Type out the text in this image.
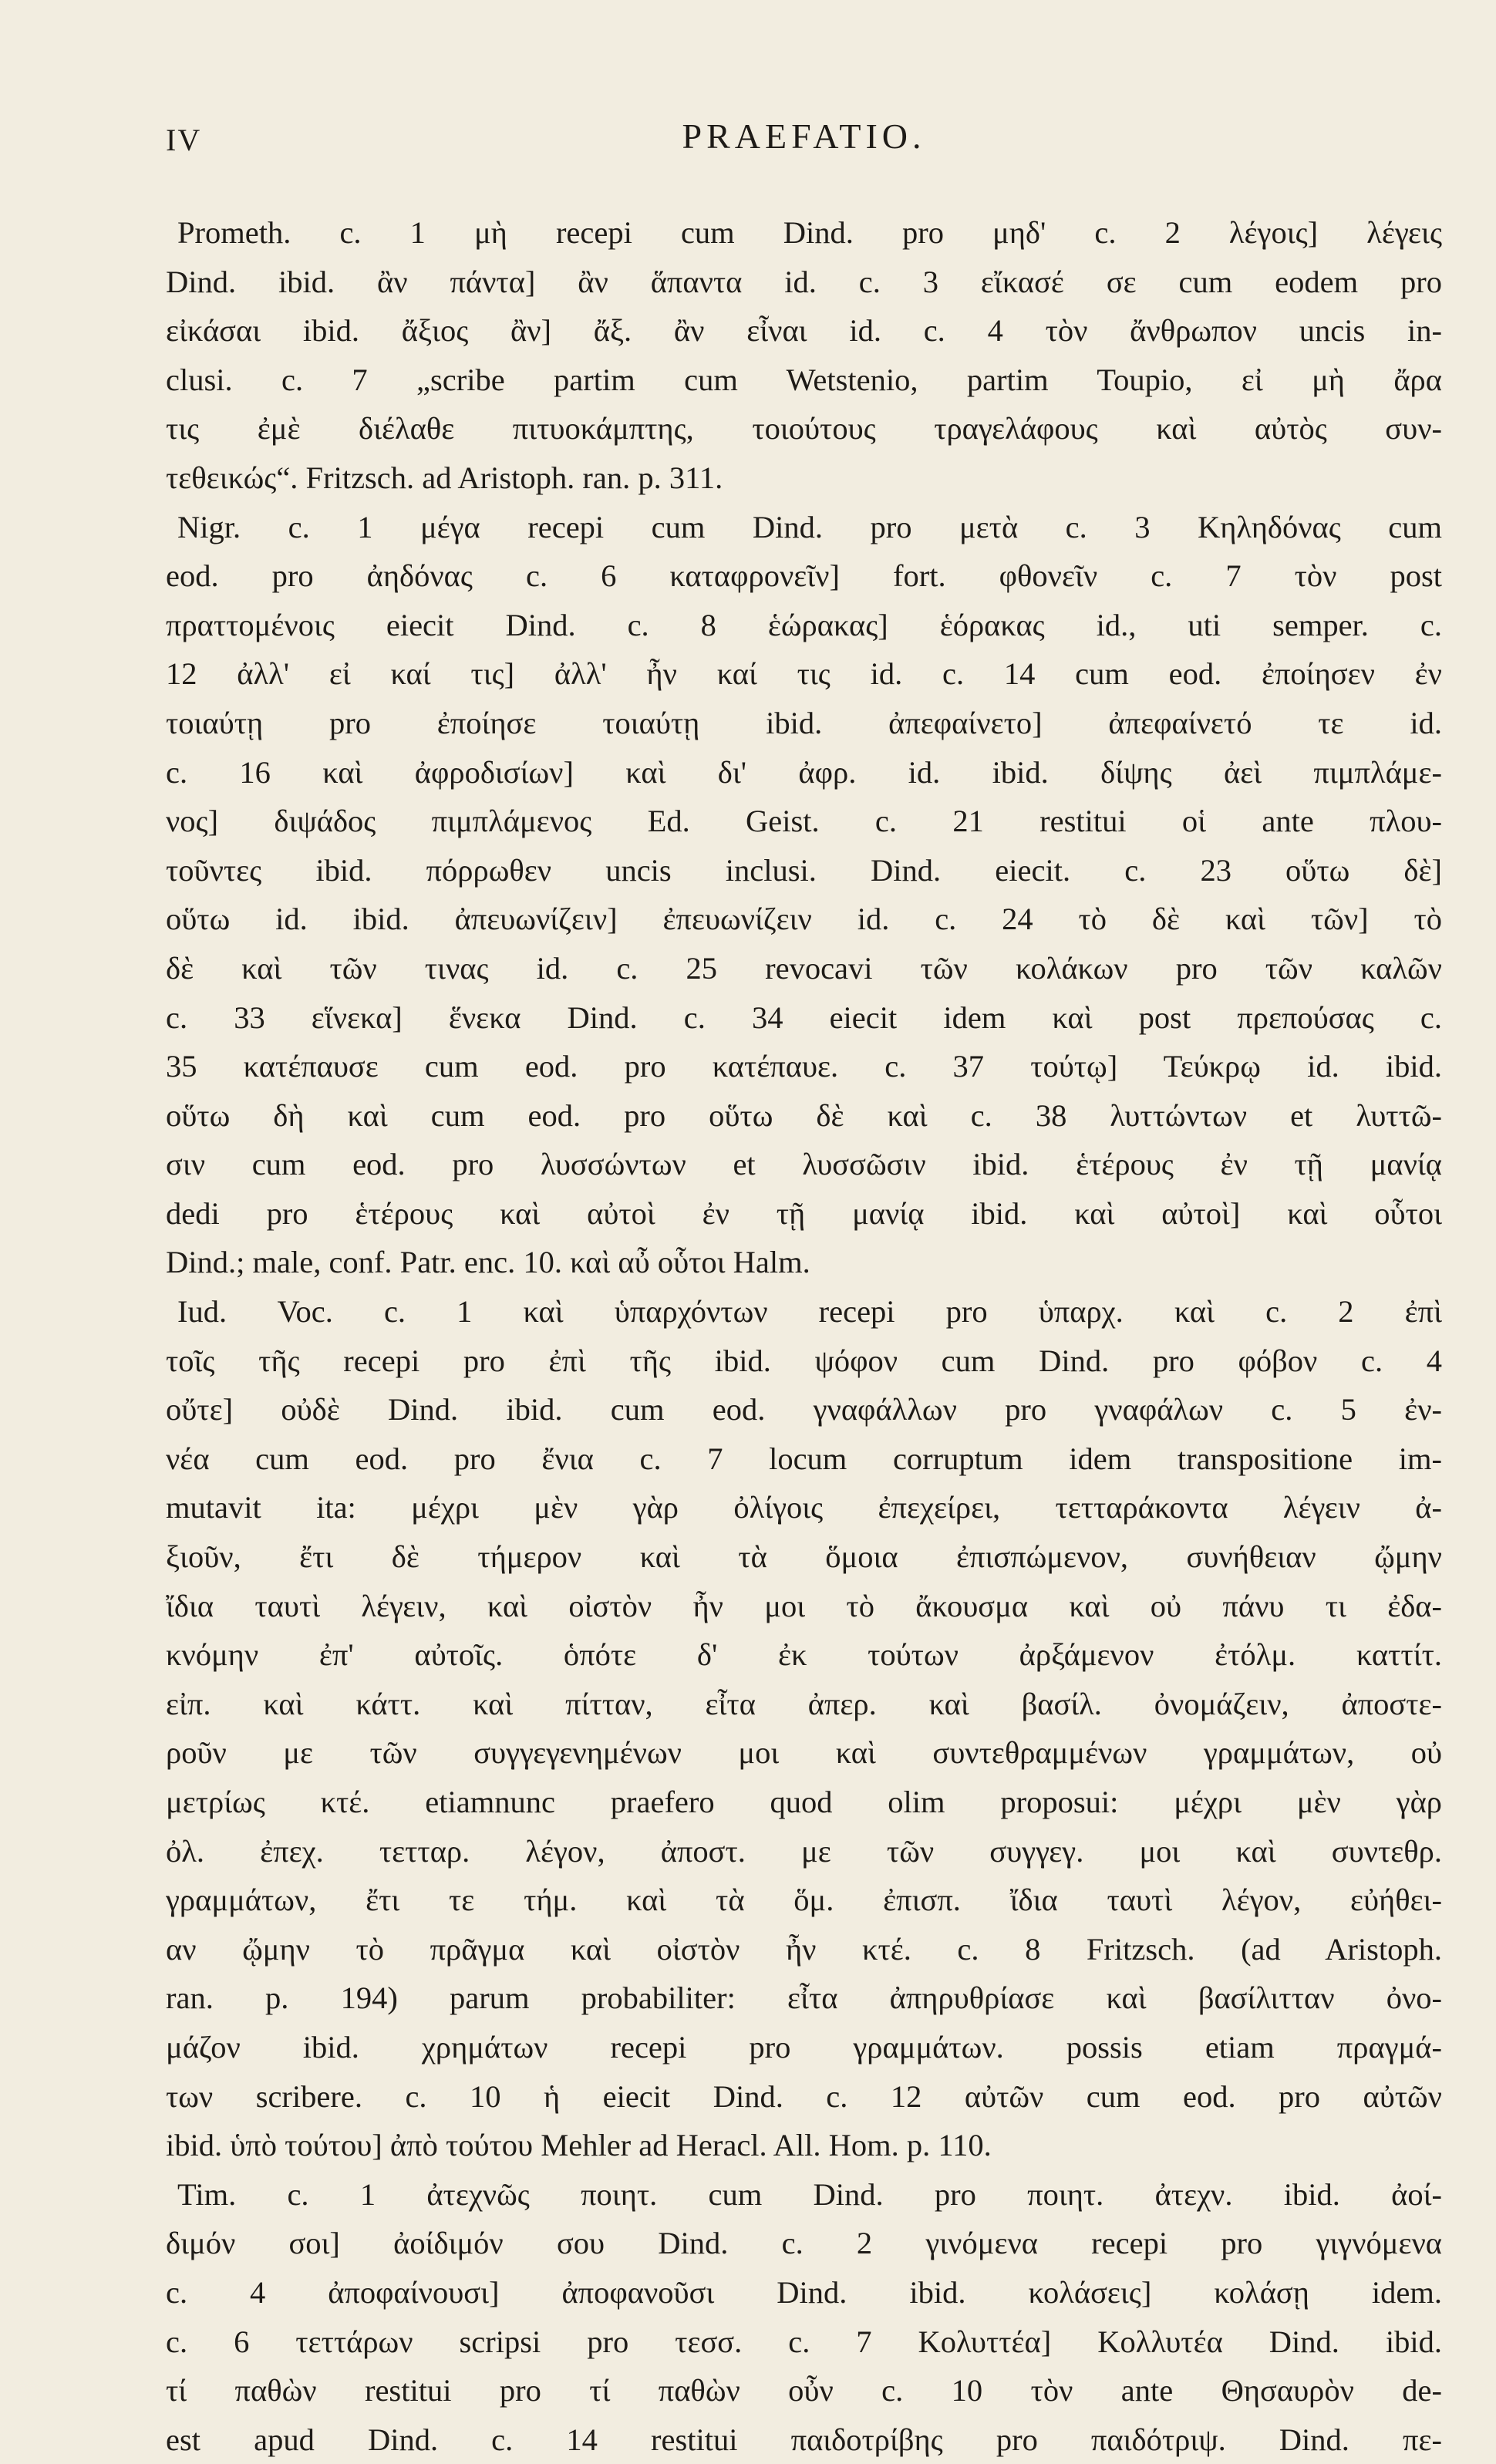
IV	PRAEFATIO.
Prometh. c. 1 μὴ recepi cum Dind. pro μηδ' c. 2 λέγοις] λέγεις
Dind. ibid. ἂν πάντα] ἂν ἅπαντα id. c. 3 εἴκασέ σε cum eodem pro
εἰκάσαι ibid. ἄξιος ἂν] ἄξ. ἂν εἶναι id. c. 4 τὸν ἄνθρωπον uncis in-
clusi. c. 7 „scribe partim cum Wetstenio, partim Toupio, εἰ μὴ ἄρα
τις ἐμὲ διέλαθε πιτυοκάμπτης, τοιούτους τραγελάφους καὶ αὐτὸς συν-
τεθεικώς“. Fritzsch. ad Aristoph. ran. p. 311.
Nigr. c. 1 μέγα recepi cum Dind. pro μετὰ c. 3 Κηληδόνας cum
eod. pro ἀηδόνας c. 6 καταφρονεῖν] fort. φθονεῖν c. 7 τὸν post
πραττομένοις eiecit Dind. c. 8 ἑώρακας] ἑόρακας id., uti semper. c.
12 ἀλλ' εἰ καί τις] ἀλλ' ἦν καί τις id. c. 14 cum eod. ἐποίησεν ἐν
τοιαύτῃ pro ἐποίησε τοιαύτῃ ibid. ἀπεφαίνετο] ἀπεφαίνετό τε id.
c. 16 καὶ ἀφροδισίων] καὶ δι' ἀφρ. id. ibid. δίψης ἀεὶ πιμπλάμε-
νος] διψάδος πιμπλάμενος Ed. Geist. c. 21 restitui οἱ ante πλου-
τοῦντες ibid. πόρρωθεν uncis inclusi. Dind. eiecit. c. 23 οὕτω δὲ]
οὕτω id. ibid. ἀπευωνίζειν] ἐπευωνίζειν id. c. 24 τὸ δὲ καὶ τῶν] τὸ
δὲ καὶ τῶν τινας id. c. 25 revocavi τῶν κολάκων pro τῶν καλῶν
c. 33 εἵνεκα] ἕνεκα Dind. c. 34 eiecit idem καὶ post πρεπούσας c.
35 κατέπαυσε cum eod. pro κατέπαυε. c. 37 τούτῳ] Τεύκρῳ id. ibid.
οὕτω δὴ καὶ cum eod. pro οὕτω δὲ καὶ c. 38 λυττώντων et λυττῶ-
σιν cum eod. pro λυσσώντων et λυσσῶσιν ibid. ἑτέρους ἐν τῇ μανίᾳ
dedi pro ἑτέρους καὶ αὐτοὶ ἐν τῇ μανίᾳ ibid. καὶ αὐτοὶ] καὶ οὗτοι
Dind.; male, conf. Patr. enc. 10. καὶ αὖ οὗτοι Halm.
Iud. Voc. c. 1 καὶ ὑπαρχόντων recepi pro ὑπαρχ. καὶ c. 2 ἐπὶ
τοῖς τῆς recepi pro ἐπὶ τῆς ibid. ψόφον cum Dind. pro φόβον c. 4
οὔτε] οὐδὲ Dind. ibid. cum eod. γναφάλλων pro γναφάλων c. 5 ἐν-
νέα cum eod. pro ἔνια c. 7 locum corruptum idem transpositione im-
mutavit ita: μέχρι μὲν γὰρ ὀλίγοις ἐπεχείρει, τετταράκοντα λέγειν ἀ-
ξιοῦν, ἔτι δὲ τήμερον καὶ τὰ ὅμοια ἐπισπώμενον, συνήθειαν ᾤμην
ἴδια ταυτὶ λέγειν, καὶ οἰστὸν ἦν μοι τὸ ἄκουσμα καὶ οὐ πάνυ τι ἐδα-
κνόμην ἐπ' αὐτοῖς. ὁπότε δ' ἐκ τούτων ἀρξάμενον ἐτόλμ. καττίτ.
εἰπ. καὶ κάττ. καὶ πίτταν, εἶτα ἀπερ. καὶ βασίλ. ὀνομάζειν, ἀποστε-
ροῦν με τῶν συγγεγενημένων μοι καὶ συντεθραμμένων γραμμάτων, οὐ
μετρίως κτέ. etiamnunc praefero quod olim proposui: μέχρι μὲν γὰρ
ὀλ. ἐπεχ. τετταρ. λέγον, ἀποστ. με τῶν συγγεγ. μοι καὶ συντεθρ.
γραμμάτων, ἔτι τε τήμ. καὶ τὰ ὅμ. ἐπισπ. ἴδια ταυτὶ λέγον, εὐήθει-
αν ᾤμην τὸ πρᾶγμα καὶ οἰστὸν ἦν κτέ. c. 8 Fritzsch. (ad Aristoph.
ran. p. 194) parum probabiliter: εἶτα ἀπηρυθρίασε καὶ βασίλιτταν ὀνο-
μάζον ibid. χρημάτων recepi pro γραμμάτων. possis etiam πραγμά-
των scribere. c. 10 ἡ eiecit Dind. c. 12 αὐτῶν cum eod. pro αὐτῶν
ibid. ὑπὸ τούτου] ἀπὸ τούτου Mehler ad Heracl. All. Hom. p. 110.
Tim. c. 1 ἀτεχνῶς ποιητ. cum Dind. pro ποιητ. ἀτεχν. ibid. ἀοί-
διμόν σοι] ἀοίδιμόν σου Dind. c. 2 γινόμενα recepi pro γιγνόμενα
c. 4 ἀποφαίνουσι] ἀποφανοῦσι Dind. ibid. κολάσεις] κολάσῃ idem.
c. 6 τεττάρων scripsi pro τεσσ. c. 7 Κολυττέα] Κολλυτέα Dind. ibid.
τί παθὼν restitui pro τί παθὼν οὖν c. 10 τὸν ante Θησαυρὸν de-
est apud Dind. c. 14 restitui παιδοτρίβης pro παιδότριψ. Dind. πε-
